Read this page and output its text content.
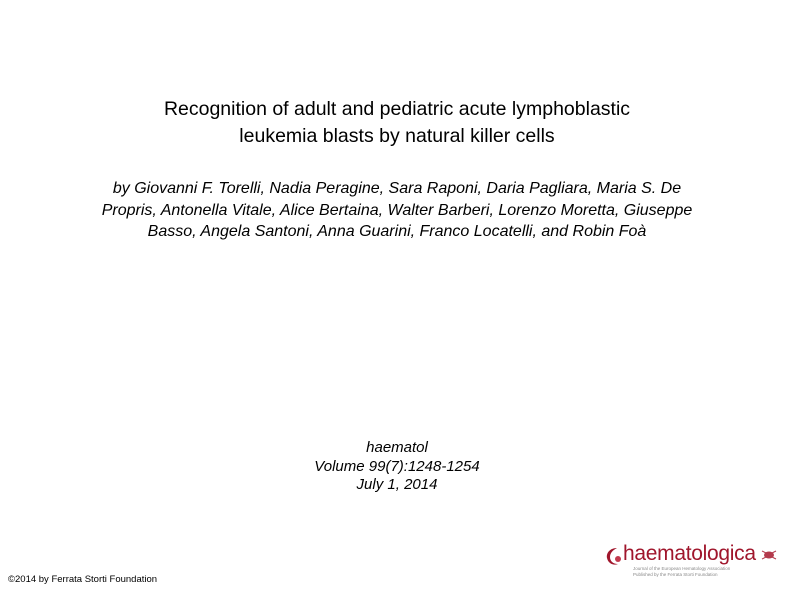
Recognition of adult and pediatric acute lymphoblastic
leukemia blasts by natural killer cells

by Giovanni F. Torelli, Nadia Peragine, Sara Raponi, Daria Pagliara, Maria S. De
Propris, Antonella Vitale, Alice Bertaina, Walter Barberi, Lorenzo Moretta, Giuseppe
Basso, Angela Santoni, Anna Guarini, Franco Locatelli, and Robin Foà

haematol
Volume 99(7):1248-1254
July 1, 2014
©2014 by Ferrata Storti Foundation
haematologica
Journal of the European Hematology Association
Published by the Ferrata Storti Foundation
